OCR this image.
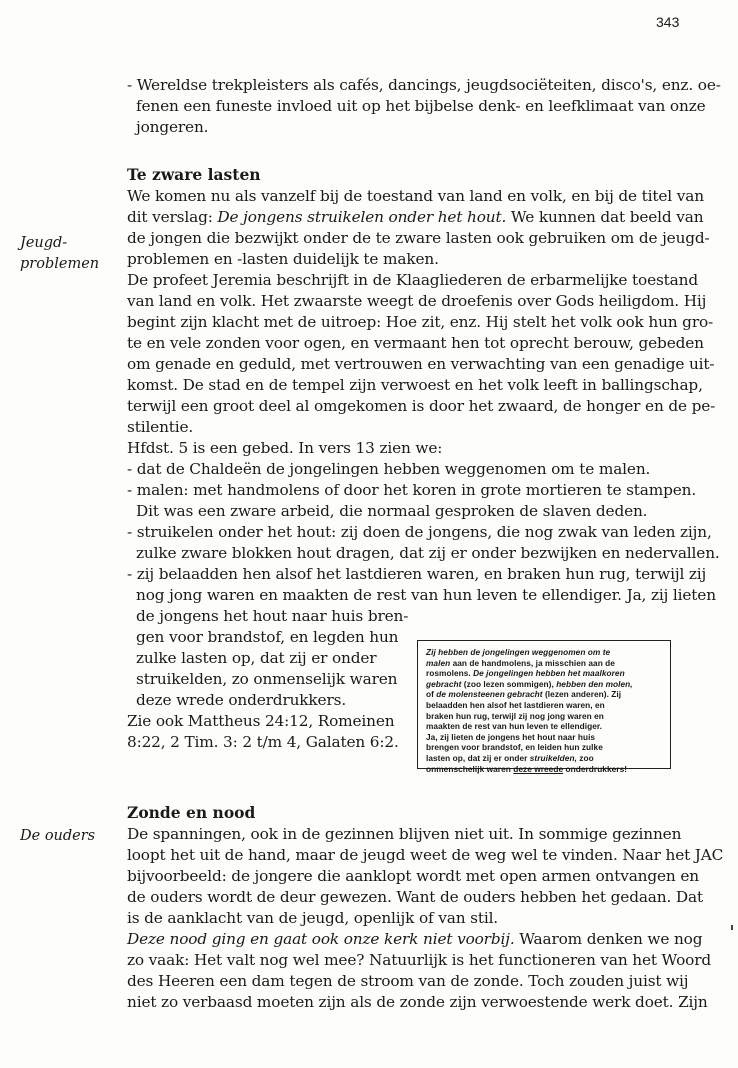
343
- Wereldse trekpleisters als cafés, dancings, jeugdsociëteiten, disco's, enz. oe-
fenen een funeste invloed uit op het bijbelse denk- en leefklimaat van onze
jongeren.
Te zware lasten
We komen nu als vanzelf bij de toestand van land en volk, en bij de titel van
dit verslag: De jongens struikelen onder het hout. We kunnen dat beeld van
Jeugd-
problemen
de jongen die bezwijkt onder de te zware lasten ook gebruiken om de jeugd-
problemen en -lasten duidelijk te maken.
De profeet Jeremia beschrijft in de Klaagliederen de erbarmelijke toestand
van land en volk. Het zwaarste weegt de droefenis over Gods heiligdom. Hij
begint zijn klacht met de uitroep: Hoe zit, enz. Hij stelt het volk ook hun gro-
te en vele zonden voor ogen, en vermaant hen tot oprecht berouw, gebeden
om genade en geduld, met vertrouwen en verwachting van een genadige uit-
komst. De stad en de tempel zijn verwoest en het volk leeft in ballingschap,
terwijl een groot deel al omgekomen is door het zwaard, de honger en de pe-
stilentie.
Hfdst. 5 is een gebed. In vers 13 zien we:
- dat de Chaldeën de jongelingen hebben weggenomen om te malen.
- malen: met handmolens of door het koren in grote mortieren te stampen.
Dit was een zware arbeid, die normaal gesproken de slaven deden.
- struikelen onder het hout: zij doen de jongens, die nog zwak van leden zijn,
zulke zware blokken hout dragen, dat zij er onder bezwijken en nedervallen.
- zij belaadden hen alsof het lastdieren waren, en braken hun rug, terwijl zij
nog jong waren en maakten de rest van hun leven te ellendiger. Ja, zij lieten
de jongens het hout naar huis bren-
gen voor brandstof, en legden hun
zulke lasten op, dat zij er onder
struikelden, zo onmenselijk waren
deze wrede onderdrukkers.
Zie ook Mattheus 24:12, Romeinen
8:22, 2 Tim. 3: 2 t/m 4, Galaten 6:2.
Zij hebben de jongelingen weggenomen om te
malen aan de handmolens, ja misschien aan de
rosmolens. De jongelingen hebben het maalkoren
gebracht (zoo lezen sommigen), hebben den molen,
of de molensteenen gebracht (lezen anderen). Zij
belaadden hen alsof het lastdieren waren, en
braken hun rug, terwijl zij nog jong waren en
maakten de rest van hun leven te ellendiger.
Ja, zij lieten de jongens het hout naar huis
brengen voor brandstof, en leiden hun zulke
lasten op, dat zij er onder struikelden, zoo
onmenschelijk waren deze wreede onderdrukkers!
Zonde en nood
De ouders De spanningen, ook in de gezinnen blijven niet uit. In sommige gezinnen
loopt het uit de hand, maar de jeugd weet de weg wel te vinden. Naar het JAC
bijvoorbeeld: de jongere die aanklopt wordt met open armen ontvangen en
de ouders wordt de deur gewezen. Want de ouders hebben het gedaan. Dat
is de aanklacht van de jeugd, openlijk of van stil.
Deze nood ging en gaat ook onze kerk niet voorbij. Waarom denken we nog
zo vaak: Het valt nog wel mee? Natuurlijk is het functioneren van het Woord
des Heeren een dam tegen de stroom van de zonde. Toch zouden juist wij
niet zo verbaasd moeten zijn als de zonde zijn verwoestende werk doet. Zijn
